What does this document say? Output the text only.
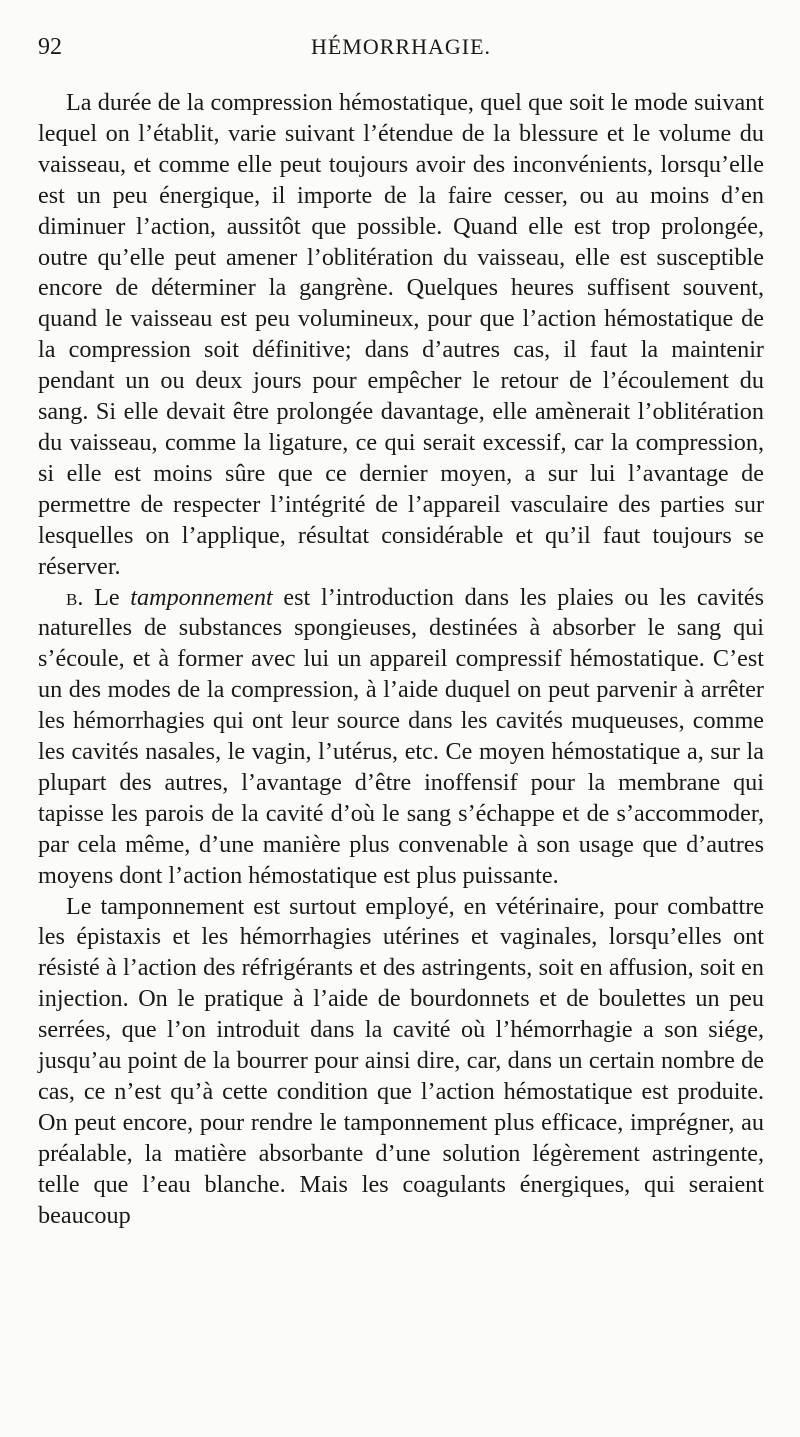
92	HÉMORRHAGIE.

La durée de la compression hémostatique, quel que soit le mode suivant lequel on l’établit, varie suivant l’étendue de la blessure et le volume du vaisseau, et comme elle peut toujours avoir des inconvénients, lorsqu’elle est un peu énergique, il importe de la faire cesser, ou au moins d’en diminuer l’action, aussitôt que possible. Quand elle est trop prolongée, outre qu’elle peut amener l’oblitération du vaisseau, elle est susceptible encore de déterminer la gangrène. Quelques heures suffisent souvent, quand le vaisseau est peu volumineux, pour que l’action hémostatique de la compression soit définitive; dans d’autres cas, il faut la maintenir pendant un ou deux jours pour empêcher le retour de l’écoulement du sang. Si elle devait être prolongée davantage, elle amènerait l’oblitération du vaisseau, comme la ligature, ce qui serait excessif, car la compression, si elle est moins sûre que ce dernier moyen, a sur lui l’avantage de permettre de respecter l’intégrité de l’appareil vasculaire des parties sur lesquelles on l’applique, résultat considérable et qu’il faut toujours se réserver.

b. Le tamponnement est l’introduction dans les plaies ou les cavités naturelles de substances spongieuses, destinées à absorber le sang qui s’écoule, et à former avec lui un appareil compressif hémostatique. C’est un des modes de la compression, à l’aide duquel on peut parvenir à arrêter les hémorrhagies qui ont leur source dans les cavités muqueuses, comme les cavités nasales, le vagin, l’utérus, etc. Ce moyen hémostatique a, sur la plupart des autres, l’avantage d’être inoffensif pour la membrane qui tapisse les parois de la cavité d’où le sang s’échappe et de s’accommoder, par cela même, d’une manière plus convenable à son usage que d’autres moyens dont l’action hémostatique est plus puissante.

Le tamponnement est surtout employé, en vétérinaire, pour combattre les épistaxis et les hémorrhagies utérines et vaginales, lorsqu’elles ont résisté à l’action des réfrigérants et des astringents, soit en affusion, soit en injection. On le pratique à l’aide de bourdonnets et de boulettes un peu serrées, que l’on introduit dans la cavité où l’hémorrhagie a son siége, jusqu’au point de la bourrer pour ainsi dire, car, dans un certain nombre de cas, ce n’est qu’à cette condition que l’action hémostatique est produite. On peut encore, pour rendre le tamponnement plus efficace, imprégner, au préalable, la matière absorbante d’une solution légèrement astringente, telle que l’eau blanche. Mais les coagulants énergiques, qui seraient beaucoup
